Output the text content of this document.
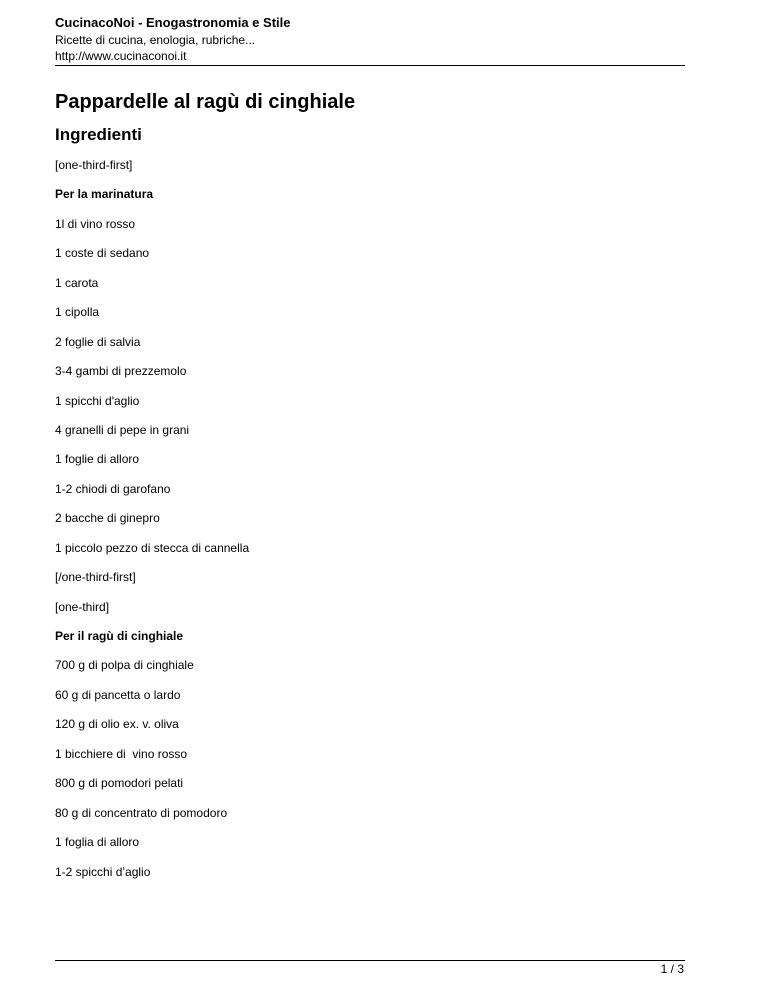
CucinacoNoi - Enogastronomia e Stile
Ricette di cucina, enologia, rubriche...
http://www.cucinaconoi.it
Pappardelle al ragù di cinghiale
Ingredienti
[one-third-first]
Per la marinatura
1l di vino rosso
1 coste di sedano
1 carota
1 cipolla
2 foglie di salvia
3-4 gambi di prezzemolo
1 spicchi d'aglio
4 granelli di pepe in grani
1 foglie di alloro
1-2 chiodi di garofano
2 bacche di ginepro
1 piccolo pezzo di stecca di cannella
[/one-third-first]
[one-third]
Per il ragù di cinghiale
700 g di polpa di cinghiale
60 g di pancetta o lardo
120 g di olio ex. v. oliva
1 bicchiere di  vino rosso
800 g di pomodori pelati
80 g di concentrato di pomodoro
1 foglia di alloro
1-2 spicchi d’aglio
1 / 3
